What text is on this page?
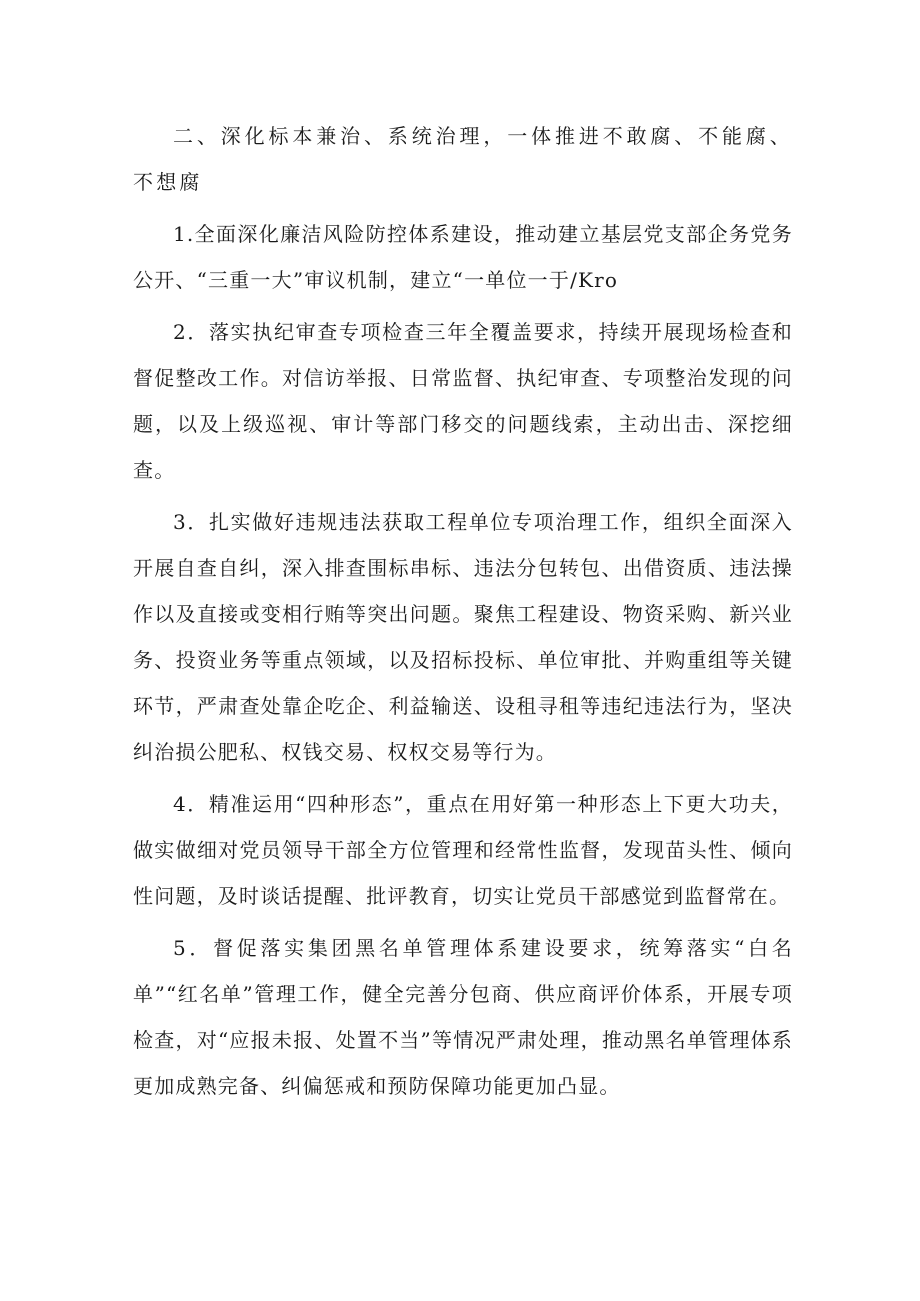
二、深化标本兼治、系统治理，一体推进不敢腐、不能腐、不想腐

1.全面深化廉洁风险防控体系建设，推动建立基层党支部企务党务公开、“三重一大”审议机制，建立“一单位一于/Kro

2．落实执纪审查专项检查三年全覆盖要求，持续开展现场检查和督促整改工作。对信访举报、日常监督、执纪审查、专项整治发现的问题，以及上级巡视、审计等部门移交的问题线索，主动出击、深挖细查。

3．扎实做好违规违法获取工程单位专项治理工作，组织全面深入开展自查自纠，深入排查围标串标、违法分包转包、出借资质、违法操作以及直接或变相行贿等突出问题。聚焦工程建设、物资采购、新兴业务、投资业务等重点领域，以及招标投标、单位审批、并购重组等关键环节，严肃查处靠企吃企、利益输送、设租寻租等违纪违法行为，坚决纠治损公肥私、权钱交易、权权交易等行为。

4．精准运用“四种形态”，重点在用好第一种形态上下更大功夫，做实做细对党员领导干部全方位管理和经常性监督，发现苗头性、倾向性问题，及时谈话提醒、批评教育，切实让党员干部感觉到监督常在。

5．督促落实集团黑名单管理体系建设要求，统筹落实“白名单”“红名单”管理工作，健全完善分包商、供应商评价体系，开展专项检查，对“应报未报、处置不当”等情况严肃处理，推动黑名单管理体系更加成熟完备、纠偏惩戒和预防保障功能更加凸显。
